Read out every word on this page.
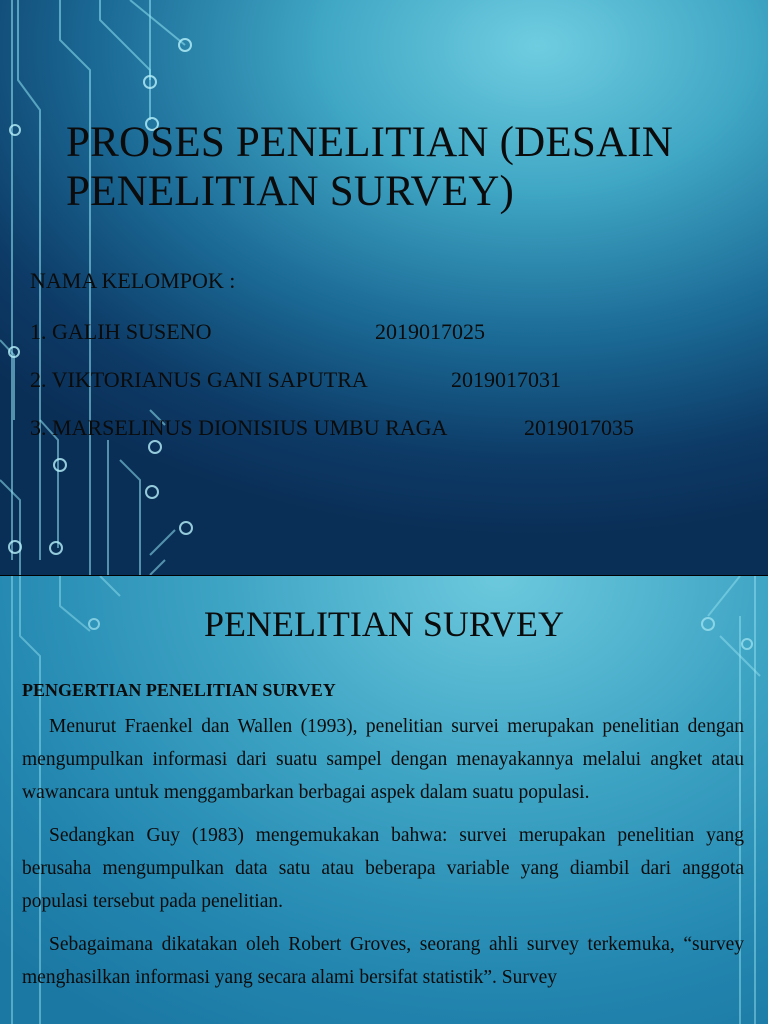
PROSES PENELITIAN (DESAIN
PENELITIAN SURVEY)
NAMA KELOMPOK :
1. GALIH SUSENO	2019017025
2. VIKTORIANUS GANI SAPUTRA	2019017031
3. MARSELINUS DIONISIUS UMBU RAGA	2019017035
PENELITIAN SURVEY

PENGERTIAN PENELITIAN SURVEY

Menurut Fraenkel dan Wallen (1993), penelitian survei merupakan penelitian dengan mengumpulkan informasi dari suatu sampel dengan menayakannya melalui angket atau wawancara untuk menggambarkan berbagai aspek dalam suatu populasi.

Sedangkan Guy (1983) mengemukakan bahwa: survei merupakan penelitian yang berusaha mengumpulkan data satu atau beberapa variable yang diambil dari anggota populasi tersebut pada penelitian.

Sebagaimana dikatakan oleh Robert Groves, seorang ahli survey terkemuka, “survey menghasilkan informasi yang secara alami bersifat statistik”. Survey
